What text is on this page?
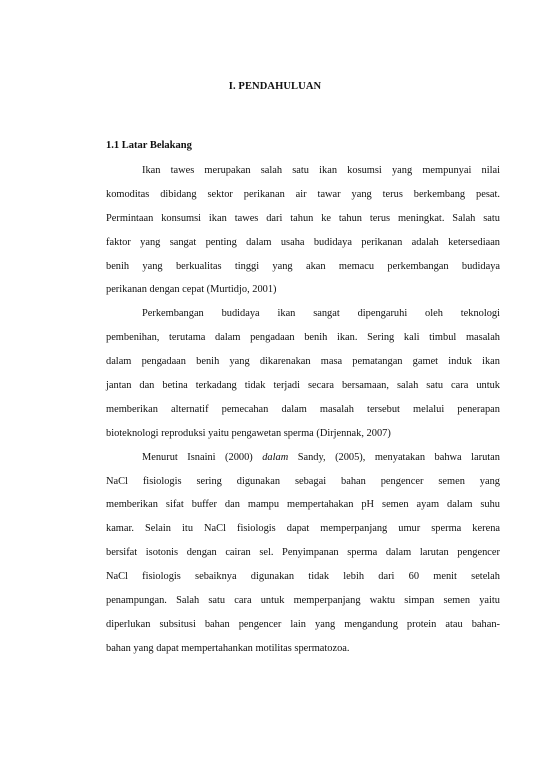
I. PENDAHULUAN
1.1 Latar Belakang
Ikan tawes merupakan salah satu ikan kosumsi yang mempunyai nilai
komoditas dibidang sektor perikanan air tawar yang terus berkembang pesat.
Permintaan konsumsi ikan tawes dari tahun ke tahun terus meningkat. Salah satu
faktor yang sangat penting dalam usaha budidaya perikanan adalah ketersediaan
benih yang berkualitas tinggi yang akan memacu perkembangan budidaya
perikanan dengan cepat (Murtidjo, 2001)
Perkembangan budidaya ikan sangat dipengaruhi oleh teknologi
pembenihan, terutama dalam pengadaan benih ikan. Sering kali timbul masalah
dalam pengadaan benih yang dikarenakan masa pematangan gamet induk ikan
jantan dan betina terkadang tidak terjadi secara bersamaan, salah satu cara untuk
memberikan alternatif pemecahan dalam masalah tersebut melalui penerapan
bioteknologi reproduksi yaitu pengawetan sperma (Dirjennak, 2007)
Menurut Isnaini (2000) dalam Sandy, (2005), menyatakan bahwa larutan
NaCl fisiologis sering digunakan sebagai bahan pengencer semen yang
memberikan sifat buffer dan mampu mempertahakan pH semen ayam dalam suhu
kamar. Selain itu NaCl fisiologis dapat memperpanjang umur sperma kerena
bersifat isotonis dengan cairan sel. Penyimpanan sperma dalam larutan pengencer
NaCl fisiologis sebaiknya digunakan tidak lebih dari 60 menit setelah
penampungan. Salah satu cara untuk memperpanjang waktu simpan semen yaitu
diperlukan subsitusi bahan pengencer lain yang mengandung protein atau bahan-
bahan yang dapat mempertahankan motilitas spermatozoa.
